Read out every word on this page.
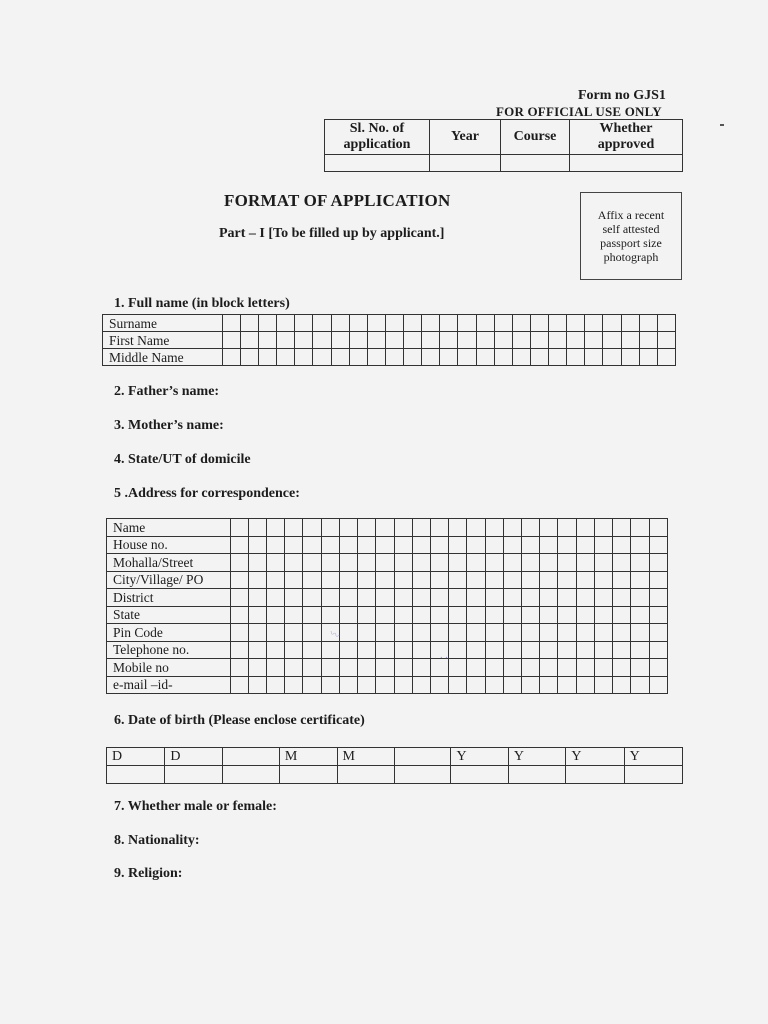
Form no GJS1
FOR OFFICIAL USE ONLY
Sl. No. of application	Year	Course	Whether approved

FORMAT OF APPLICATION
Part – I [To be filled up by applicant.]
Affix a recent self attested passport size photograph
1. Full name (in block letters)
Surname																									
First Name																									
Middle Name																									
2. Father’s name:
3. Mother’s name:
4. State/UT of domicile
5 .Address for correspondence:
Name																								
House no.																								
Mohalla/Street																								
City/Village/ PO																								
District																								
State																								
Pin Code																								
Telephone no.																								
Mobile no																								
e-mail –id-																								
6. Date of birth (Please enclose certificate)
D	D		M	M		Y	Y	Y	Y

7. Whether male or female:
8. Nationality:
9. Religion:
〰
⸱ ⸱
